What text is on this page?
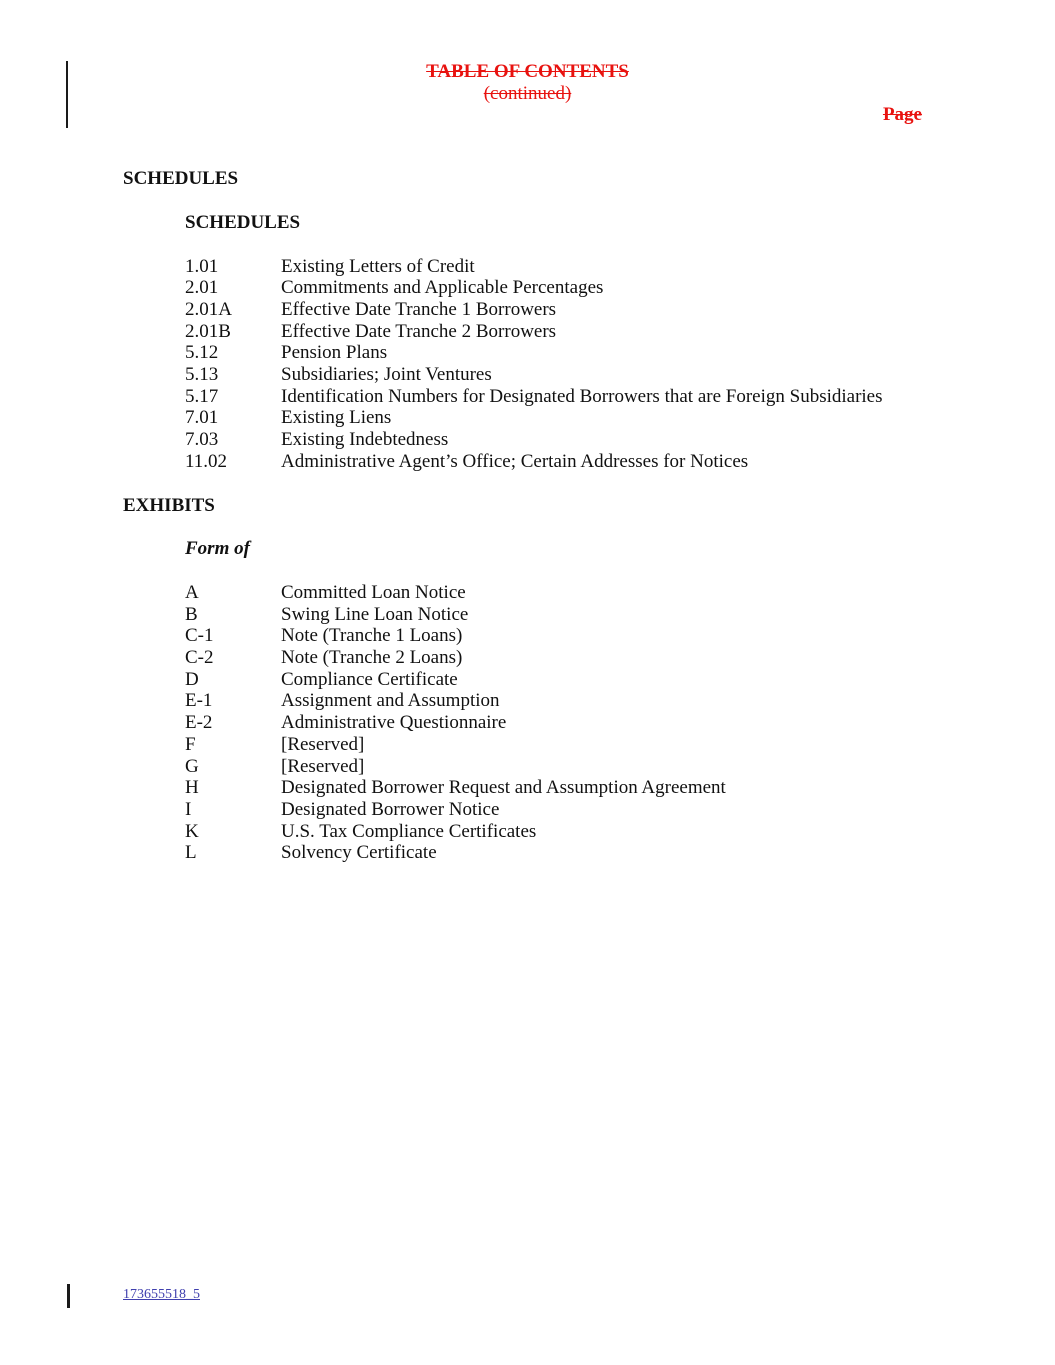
TABLE OF CONTENTS
(continued)
Page

SCHEDULES

SCHEDULES

1.01	Existing Letters of Credit
2.01	Commitments and Applicable Percentages
2.01A	Effective Date Tranche 1 Borrowers
2.01B	Effective Date Tranche 2 Borrowers
5.12	Pension Plans
5.13	Subsidiaries; Joint Ventures
5.17	Identification Numbers for Designated Borrowers that are Foreign Subsidiaries
7.01	Existing Liens
7.03	Existing Indebtedness
11.02	Administrative Agent’s Office; Certain Addresses for Notices

EXHIBITS

Form of

A	Committed Loan Notice
B	Swing Line Loan Notice
C-1	Note (Tranche 1 Loans)
C-2	Note (Tranche 2 Loans)
D	Compliance Certificate
E-1	Assignment and Assumption
E-2	Administrative Questionnaire
F	[Reserved]
G	[Reserved]
H	Designated Borrower Request and Assumption Agreement
I	Designated Borrower Notice
K	U.S. Tax Compliance Certificates
L	Solvency Certificate
173655518_5
